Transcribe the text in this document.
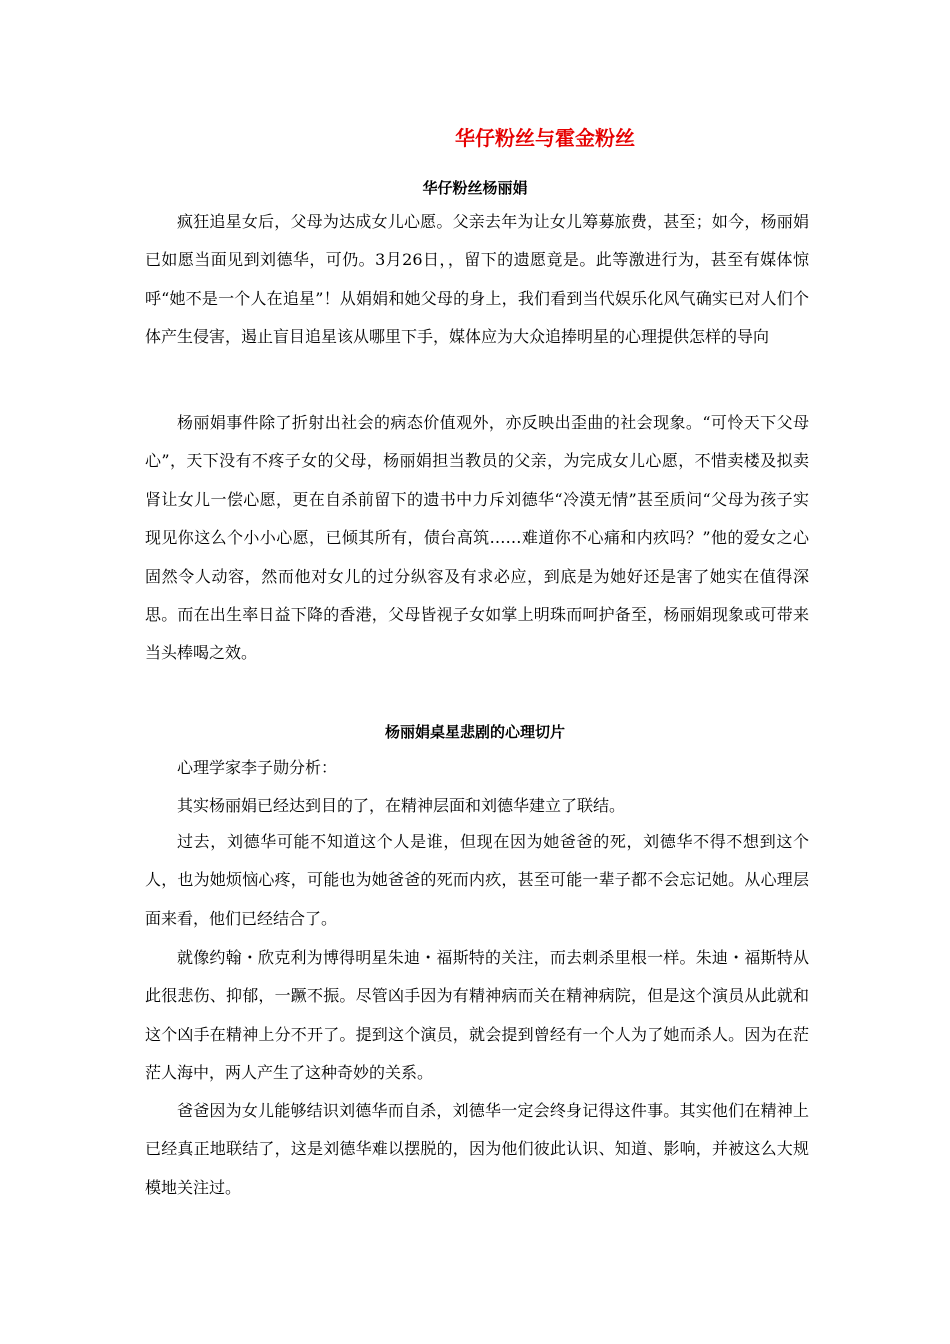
华仔粉丝与霍金粉丝
华仔粉丝杨丽娟

疯狂追星女后，父母为达成女儿心愿。父亲去年为让女儿筹募旅费，甚至；如今，杨丽娟已如愿当面见到刘德华，可仍。3月26日，，留下的遗愿竟是。此等激进行为，甚至有媒体惊呼“她不是一个人在追星”！从娟娟和她父母的身上，我们看到当代娱乐化风气确实已对人们个体产生侵害，遏止盲目追星该从哪里下手，媒体应为大众追捧明星的心理提供怎样的导向

杨丽娟事件除了折射出社会的病态价值观外，亦反映出歪曲的社会现象。“可怜天下父母心”，天下没有不疼子女的父母，杨丽娟担当教员的父亲，为完成女儿心愿，不惜卖楼及拟卖肾让女儿一偿心愿，更在自杀前留下的遗书中力斥刘德华“冷漠无情”甚至质问“父母为孩子实现见你这么个小小心愿，已倾其所有，债台高筑……难道你不心痛和内疚吗？”他的爱女之心固然令人动容，然而他对女儿的过分纵容及有求必应，到底是为她好还是害了她实在值得深思。而在出生率日益下降的香港，父母皆视子女如掌上明珠而呵护备至，杨丽娟现象或可带来当头棒喝之效。

杨丽娟桌星悲剧的心理切片

心理学家李子勋分析：

其实杨丽娟已经达到目的了，在精神层面和刘德华建立了联结。

过去，刘德华可能不知道这个人是谁，但现在因为她爸爸的死，刘德华不得不想到这个人，也为她烦恼心疼，可能也为她爸爸的死而内疚，甚至可能一辈子都不会忘记她。从心理层面来看，他们已经结合了。

就像约翰・欣克利为博得明星朱迪・福斯特的关注，而去刺杀里根一样。朱迪・福斯特从此很悲伤、抑郁，一蹶不振。尽管凶手因为有精神病而关在精神病院，但是这个演员从此就和这个凶手在精神上分不开了。提到这个演员，就会提到曾经有一个人为了她而杀人。因为在茫茫人海中，两人产生了这种奇妙的关系。

爸爸因为女儿能够结识刘德华而自杀，刘德华一定会终身记得这件事。其实他们在精神上已经真正地联结了，这是刘德华难以摆脱的，因为他们彼此认识、知道、影响，并被这么大规模地关注过。
